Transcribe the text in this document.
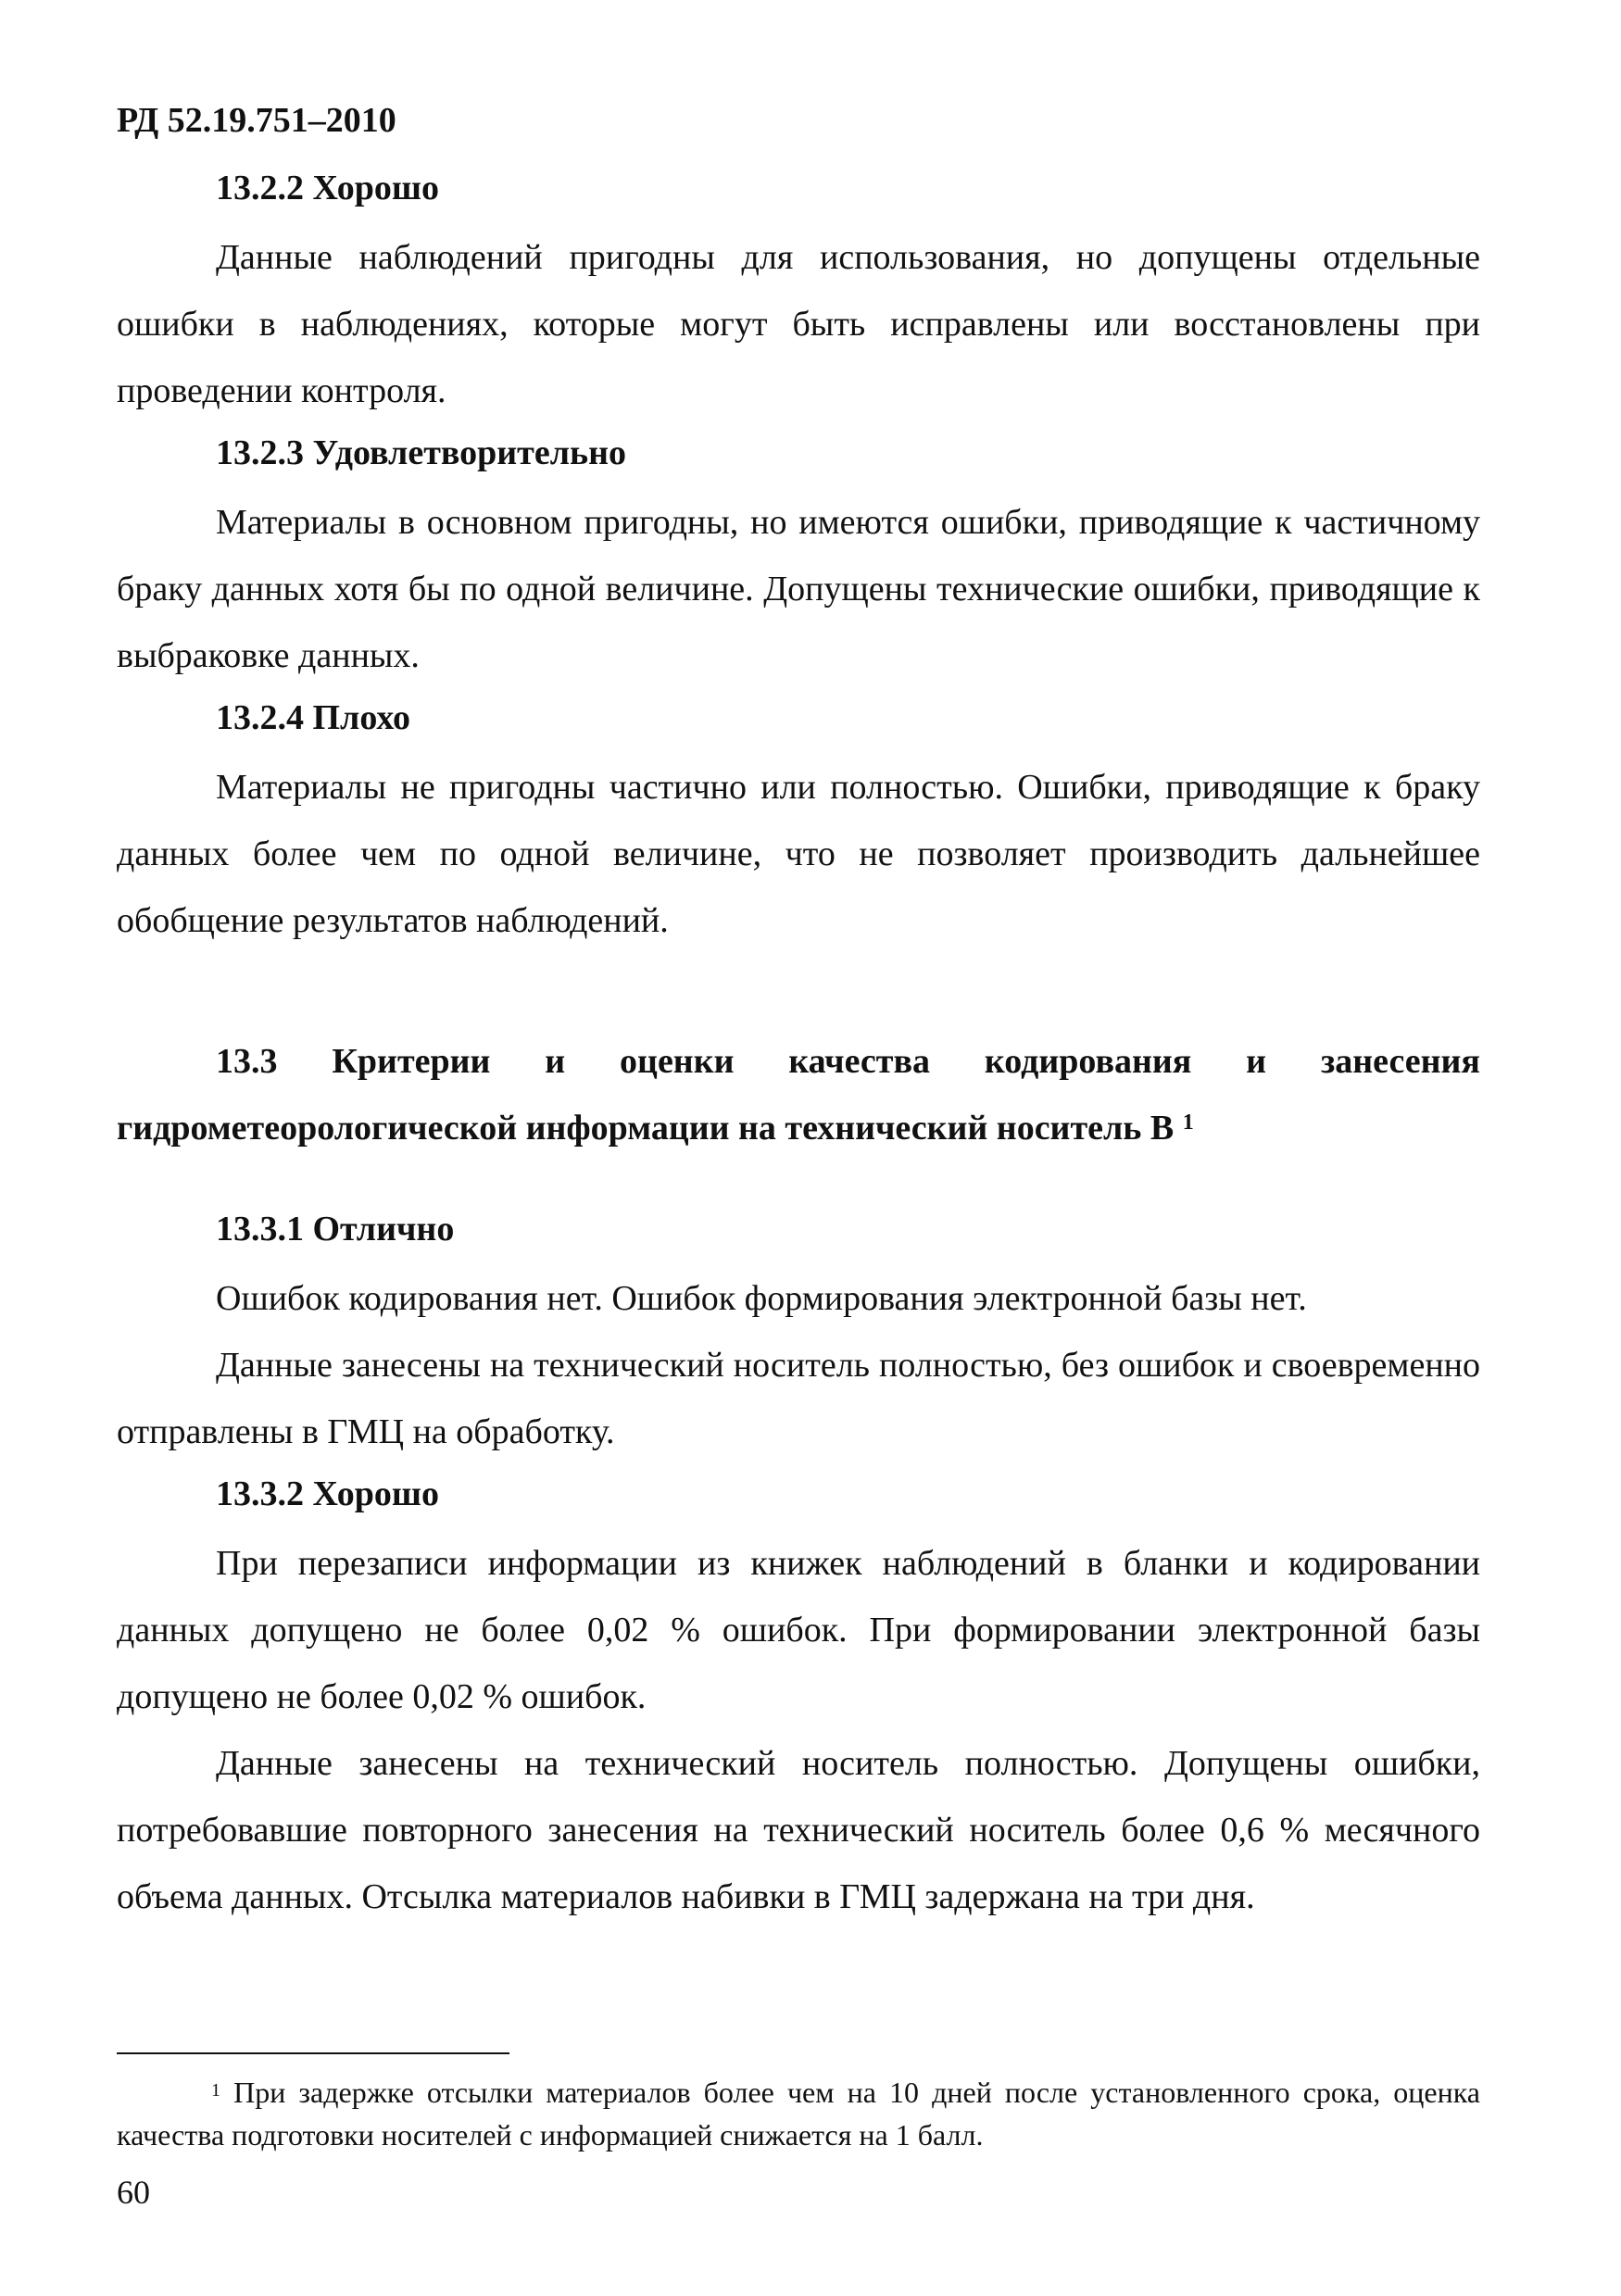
РД 52.19.751–2010

13.2.2 Хорошо

Данные наблюдений пригодны для использования, но допущены отдельные ошибки в наблюдениях, которые могут быть исправлены или восстановлены при проведении контроля.

13.2.3 Удовлетворительно

Материалы в основном пригодны, но имеются ошибки, приводящие к частичному браку данных хотя бы по одной величине. Допущены технические ошибки, приводящие к выбраковке данных.

13.2.4 Плохо

Материалы не пригодны частично или полностью. Ошибки, приводящие к браку данных более чем по одной величине, что не позволяет производить дальнейшее обобщение результатов наблюдений.

13.3 Критерии и оценки качества кодирования и занесения гидрометеорологической информации на технический носитель В $^1$

13.3.1 Отлично

Ошибок кодирования нет. Ошибок формирования электронной базы нет.

Данные занесены на технический носитель полностью, без ошибок и своевременно отправлены в ГМЦ на обработку.

13.3.2 Хорошо

При перезаписи информации из книжек наблюдений в бланки и кодировании данных допущено не более 0,02 % ошибок. При формировании электронной базы допущено не более 0,02 % ошибок.

Данные занесены на технический носитель полностью. Допущены ошибки, потребовавшие повторного занесения на технический носитель более 0,6 % месячного объема данных. Отсылка материалов набивки в ГМЦ задержана на три дня.

$^1$ При задержке отсылки материалов более чем на 10 дней после установленного срока, оценка качества подготовки носителей с информацией снижается на 1 балл.
60
